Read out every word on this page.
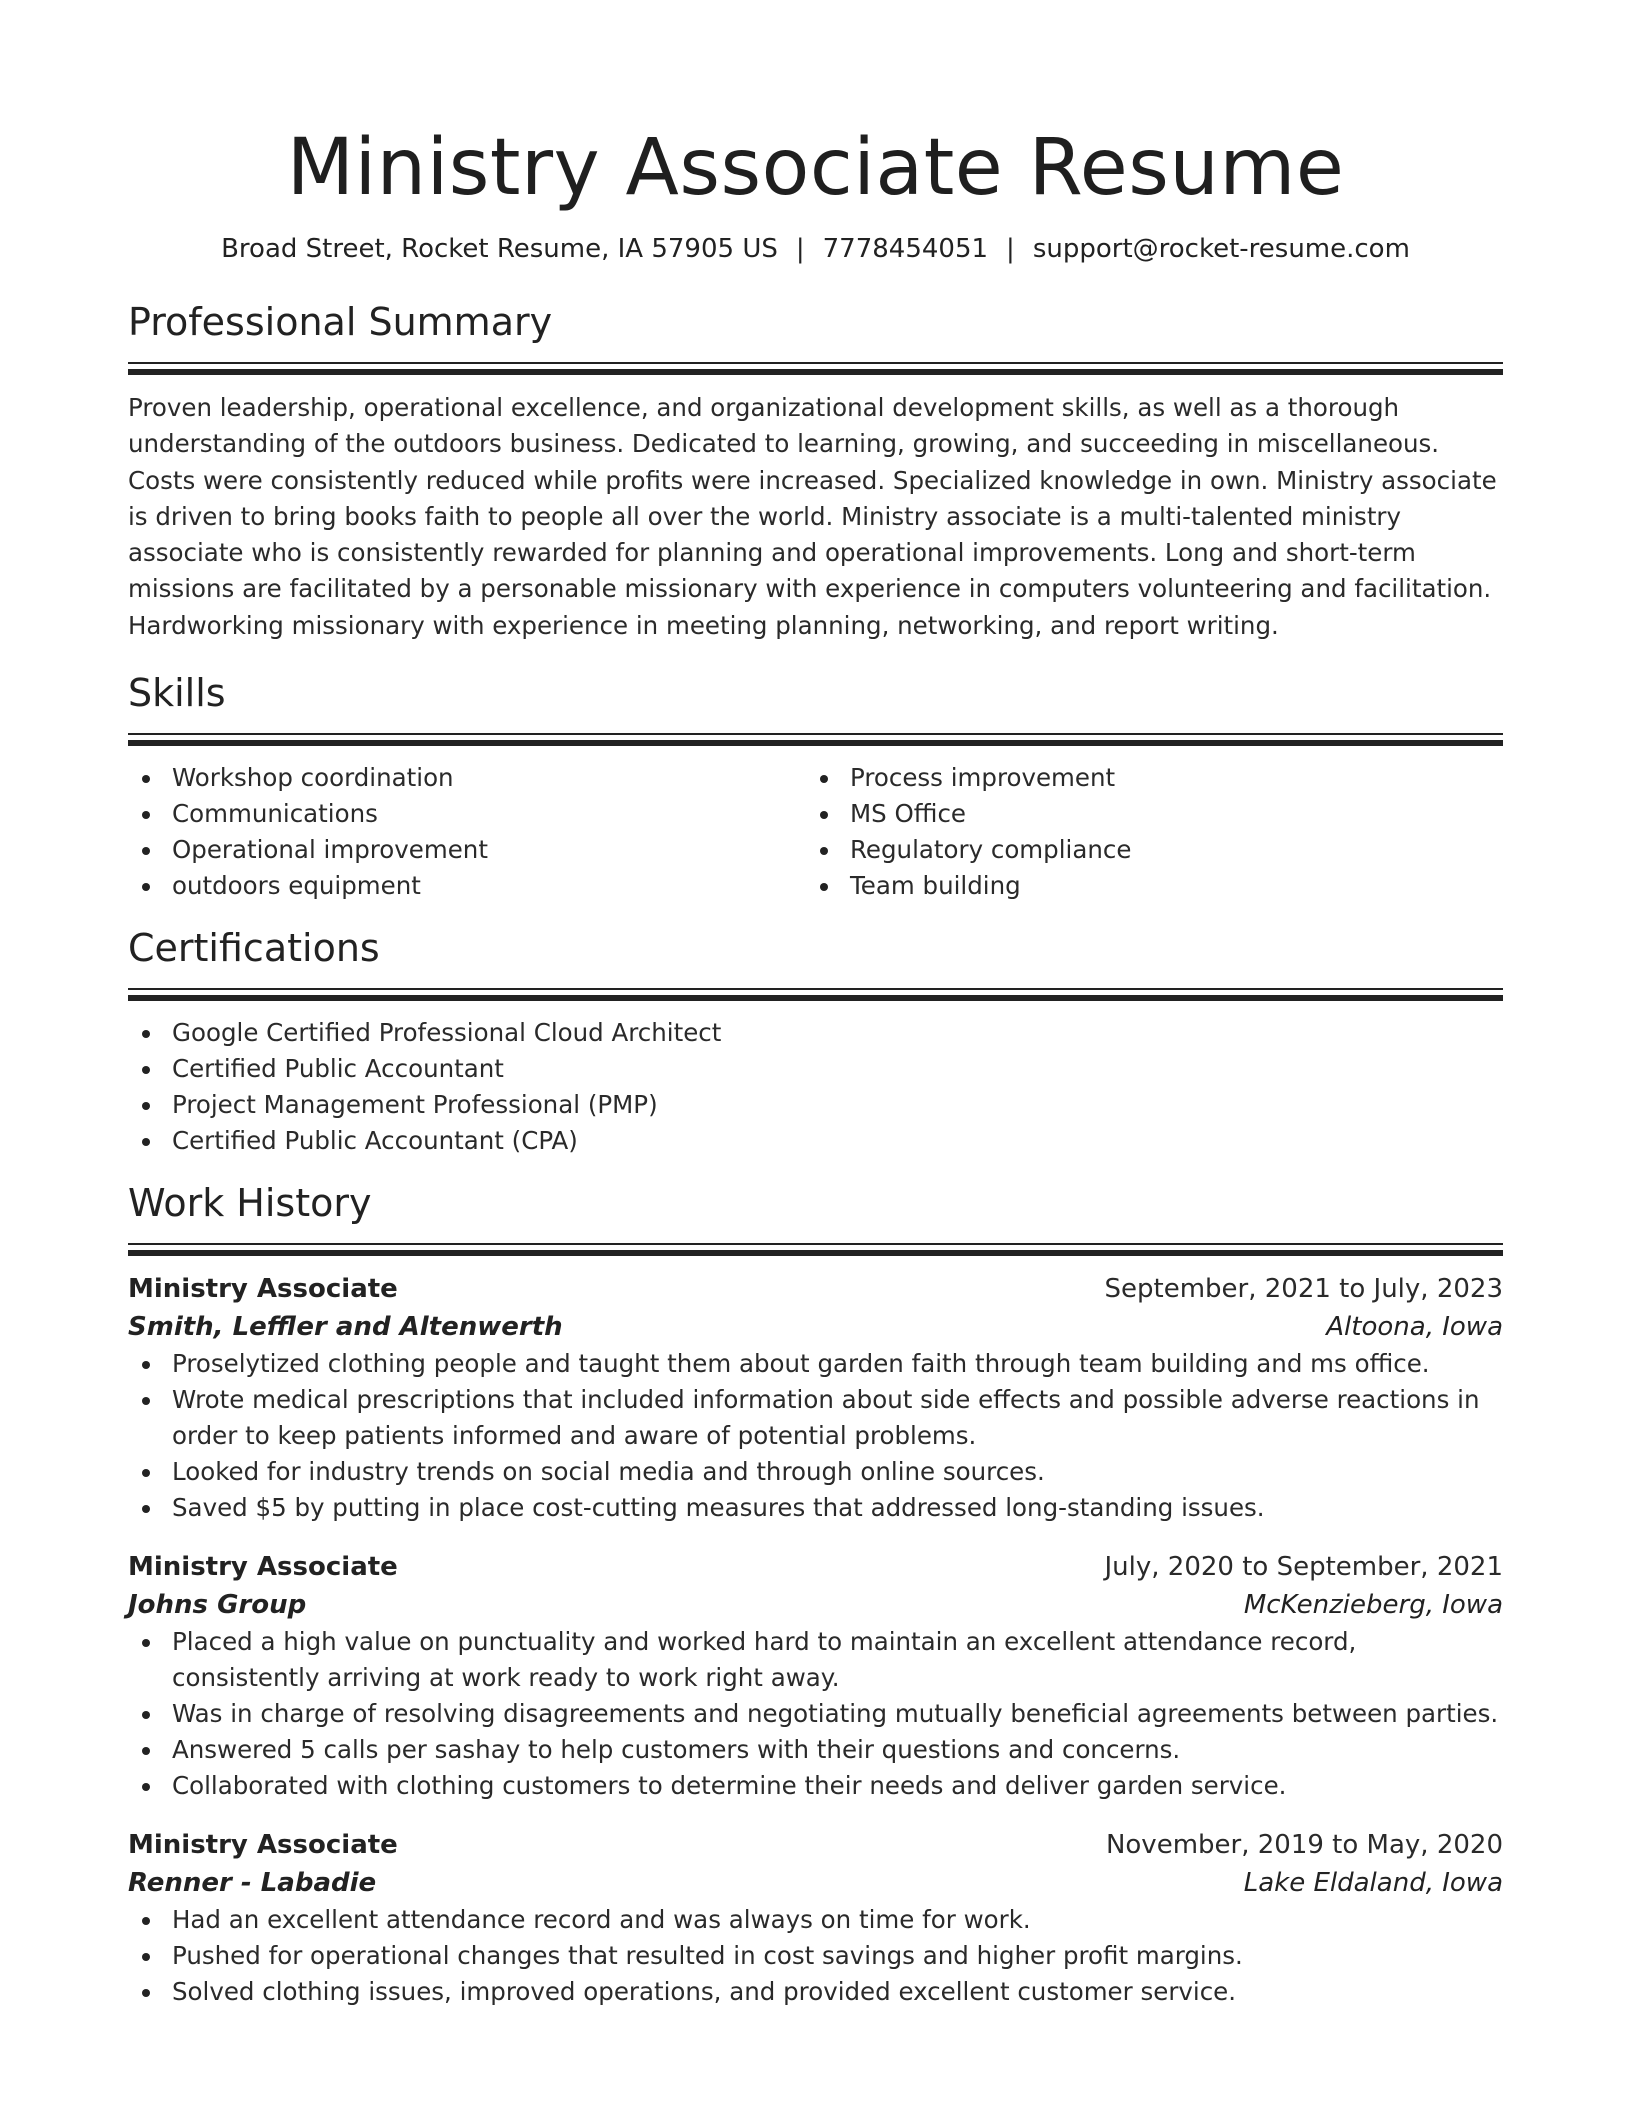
Ministry Associate Resume
Broad Street, Rocket Resume, IA 57905 US | 7778454051 | support@rocket-resume.com
Professional Summary

Proven leadership, operational excellence, and organizational development skills, as well as a thorough understanding of the outdoors business. Dedicated to learning, growing, and succeeding in miscellaneous. Costs were consistently reduced while profits were increased. Specialized knowledge in own. Ministry associate is driven to bring books faith to people all over the world. Ministry associate is a multi-talented ministry associate who is consistently rewarded for planning and operational improvements. Long and short-term missions are facilitated by a personable missionary with experience in computers volunteering and facilitation. Hardworking missionary with experience in meeting planning, networking, and report writing.

Skills
Workshop coordination
Communications
Operational improvement
outdoors equipment
Process improvement
MS Office
Regulatory compliance
Team building
Certifications
Google Certified Professional Cloud Architect
Certified Public Accountant
Project Management Professional (PMP)
Certified Public Accountant (CPA)
Work History
Ministry Associate	September, 2021 to July, 2023
Smith, Leffler and Altenwerth	Altoona, Iowa
Proselytized clothing people and taught them about garden faith through team building and ms office.
Wrote medical prescriptions that included information about side effects and possible adverse reactions in order to keep patients informed and aware of potential problems.
Looked for industry trends on social media and through online sources.
Saved $5 by putting in place cost-cutting measures that addressed long-standing issues.
Ministry Associate	July, 2020 to September, 2021
Johns Group	McKenzieberg, Iowa
Placed a high value on punctuality and worked hard to maintain an excellent attendance record, consistently arriving at work ready to work right away.
Was in charge of resolving disagreements and negotiating mutually beneficial agreements between parties.
Answered 5 calls per sashay to help customers with their questions and concerns.
Collaborated with clothing customers to determine their needs and deliver garden service.
Ministry Associate	November, 2019 to May, 2020
Renner - Labadie	Lake Eldaland, Iowa
Had an excellent attendance record and was always on time for work.
Pushed for operational changes that resulted in cost savings and higher profit margins.
Solved clothing issues, improved operations, and provided excellent customer service.
